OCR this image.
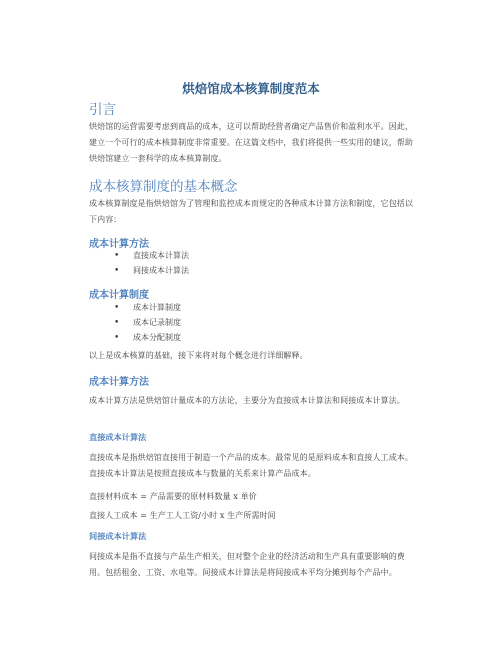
烘焙馆成本核算制度范本
引言

烘焙馆的运营需要考虑到商品的成本，这可以帮助经营者确定产品售价和盈利水平。因此，建立一个可行的成本核算制度非常重要。在这篇文档中，我们将提供一些实用的建议，帮助烘焙馆建立一套科学的成本核算制度。

成本核算制度的基本概念

成本核算制度是指烘焙馆为了管理和监控成本而规定的各种成本计算方法和制度，它包括以下内容：

成本计算方法
• 直接成本计算法
• 间接成本计算法
成本计算制度
• 成本计算制度
• 成本记录制度
• 成本分配制度

以上是成本核算的基础，接下来将对每个概念进行详细解释。

成本计算方法

成本计算方法是烘焙馆计量成本的方法论，主要分为直接成本计算法和间接成本计算法。

直接成本计算法

直接成本是指烘焙馆直接用于制造一个产品的成本。最常见的是原料成本和直接人工成本。直接成本计算法是按照直接成本与数量的关系来计算产品成本。

直接材料成本 = 产品需要的原材料数量 x 单价

直接人工成本 = 生产工人工资/小时 x 生产所需时间

间接成本计算法

间接成本是指不直接与产品生产相关，但对整个企业的经济活动和生产具有重要影响的费用。包括租金、工资、水电等。间接成本计算法是将间接成本平均分摊到每个产品中。
